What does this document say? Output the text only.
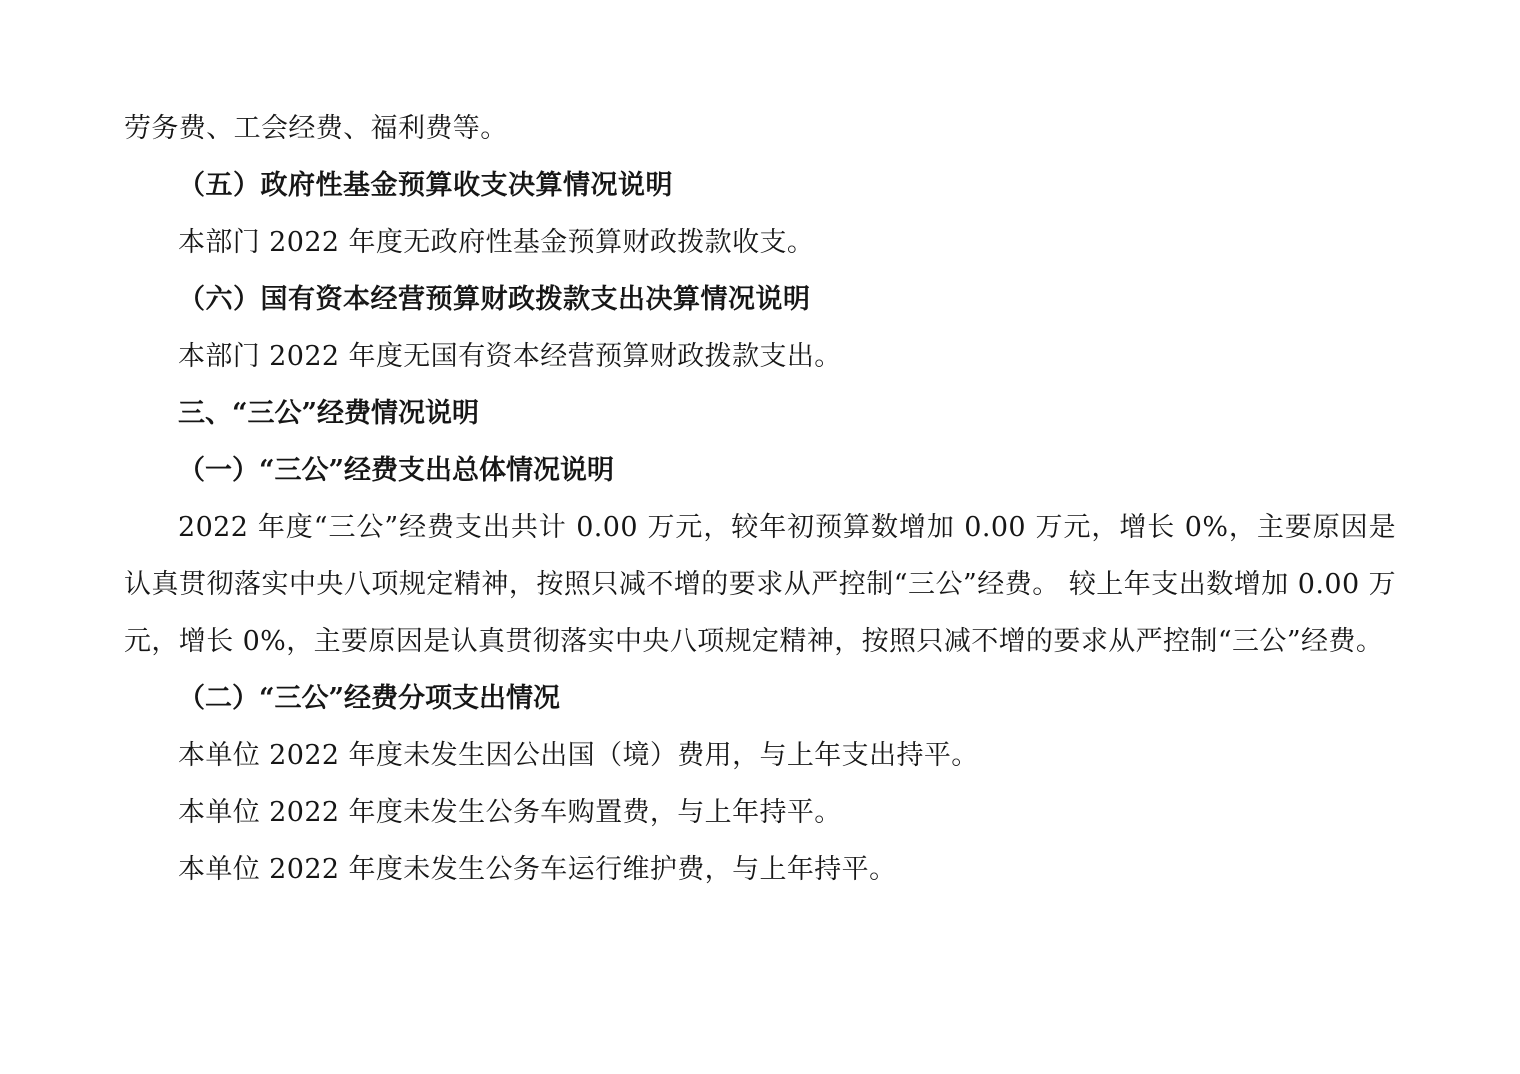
劳务费、工会经费、福利费等。

（五）政府性基金预算收支决算情况说明

本部门 2022 年度无政府性基金预算财政拨款收支。

（六）国有资本经营预算财政拨款支出决算情况说明

本部门 2022 年度无国有资本经营预算财政拨款支出。

三、“三公”经费情况说明

（一）“三公”经费支出总体情况说明

2022 年度“三公”经费支出共计 0.00 万元，较年初预算数增加 0.00 万元，增长 0%，主要原因是认真贯彻落实中央八项规定精神，按照只减不增的要求从严控制“三公”经费。 较上年支出数增加 0.00 万 元，增长 0%，主要原因是认真贯彻落实中央八项规定精神，按照只减不增的要求从严控制“三公”经费。

（二）“三公”经费分项支出情况

本单位 2022 年度未发生因公出国（境）费用，与上年支出持平。

本单位 2022 年度未发生公务车购置费，与上年持平。

本单位 2022 年度未发生公务车运行维护费，与上年持平。
